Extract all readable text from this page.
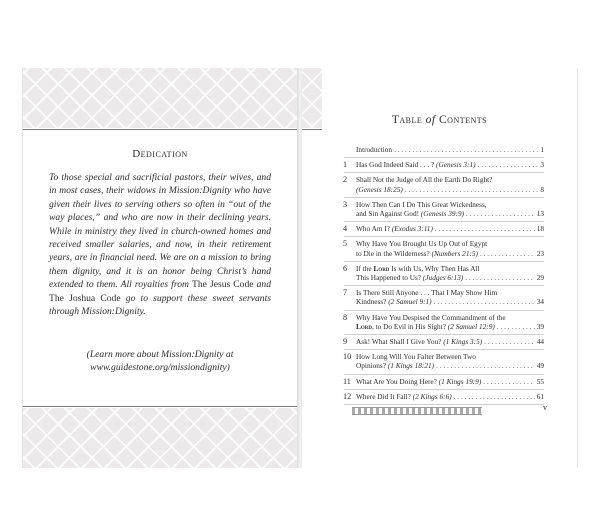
Dedication
To those special and sacrificial pastors, their wives, and in most cases, their widows in Mission:Dignity who have given their lives to serving others so often in “out of the way places,” and who are now in their declining years. While in ministry they lived in church-owned homes and received smaller salaries, and now, in their retirement years, are in financial need. We are on a mission to bring them dignity, and it is an honor being Christ’s hand extended to them. All royalties from The Jesus Code and The Joshua Code go to support these sweet servants through Mission:Dignity.
(Learn more about Mission:Dignity at www.guidestone.org/missiondignity)
Table of Contents
Introduction . . .	1
1 Has God Indeed Said . . . ? (Genesis 3:1) . . .	3
2 Shall Not the Judge of All the Earth Do Right?
(Genesis 18:25) . . .	8
3 How Then Can I Do This Great Wickedness,
and Sin Against God! (Genesis 39:9) . . .	13
4 Who Am I? (Exodus 3:11) . . .	18
5 Why Have You Brought Us Up Out of Egypt
to Die in the Wilderness? (Numbers 21:5) . . .	23
6 If the Lord Is with Us, Why Then Has All
This Happened to Us? (Judges 6:13) . . .	29
7 Is There Still Anyone . . . That I May Show Him
Kindness? (2 Samuel 9:1) . . .	34
8 Why Have You Despised the Commandment of the
Lord, to Do Evil in His Sight? (2 Samuel 12:9) . . .	39
9 Ask! What Shall I Give You? (1 Kings 3:5) . . .	44
10 How Long Will You Falter Between Two
Opinions? (1 Kings 18:21) . . .	49
11 What Are You Doing Here? (1 Kings 19:9) . . .	55
12 Where Did It Fall? (2 Kings 6:6) . . .	61
v
